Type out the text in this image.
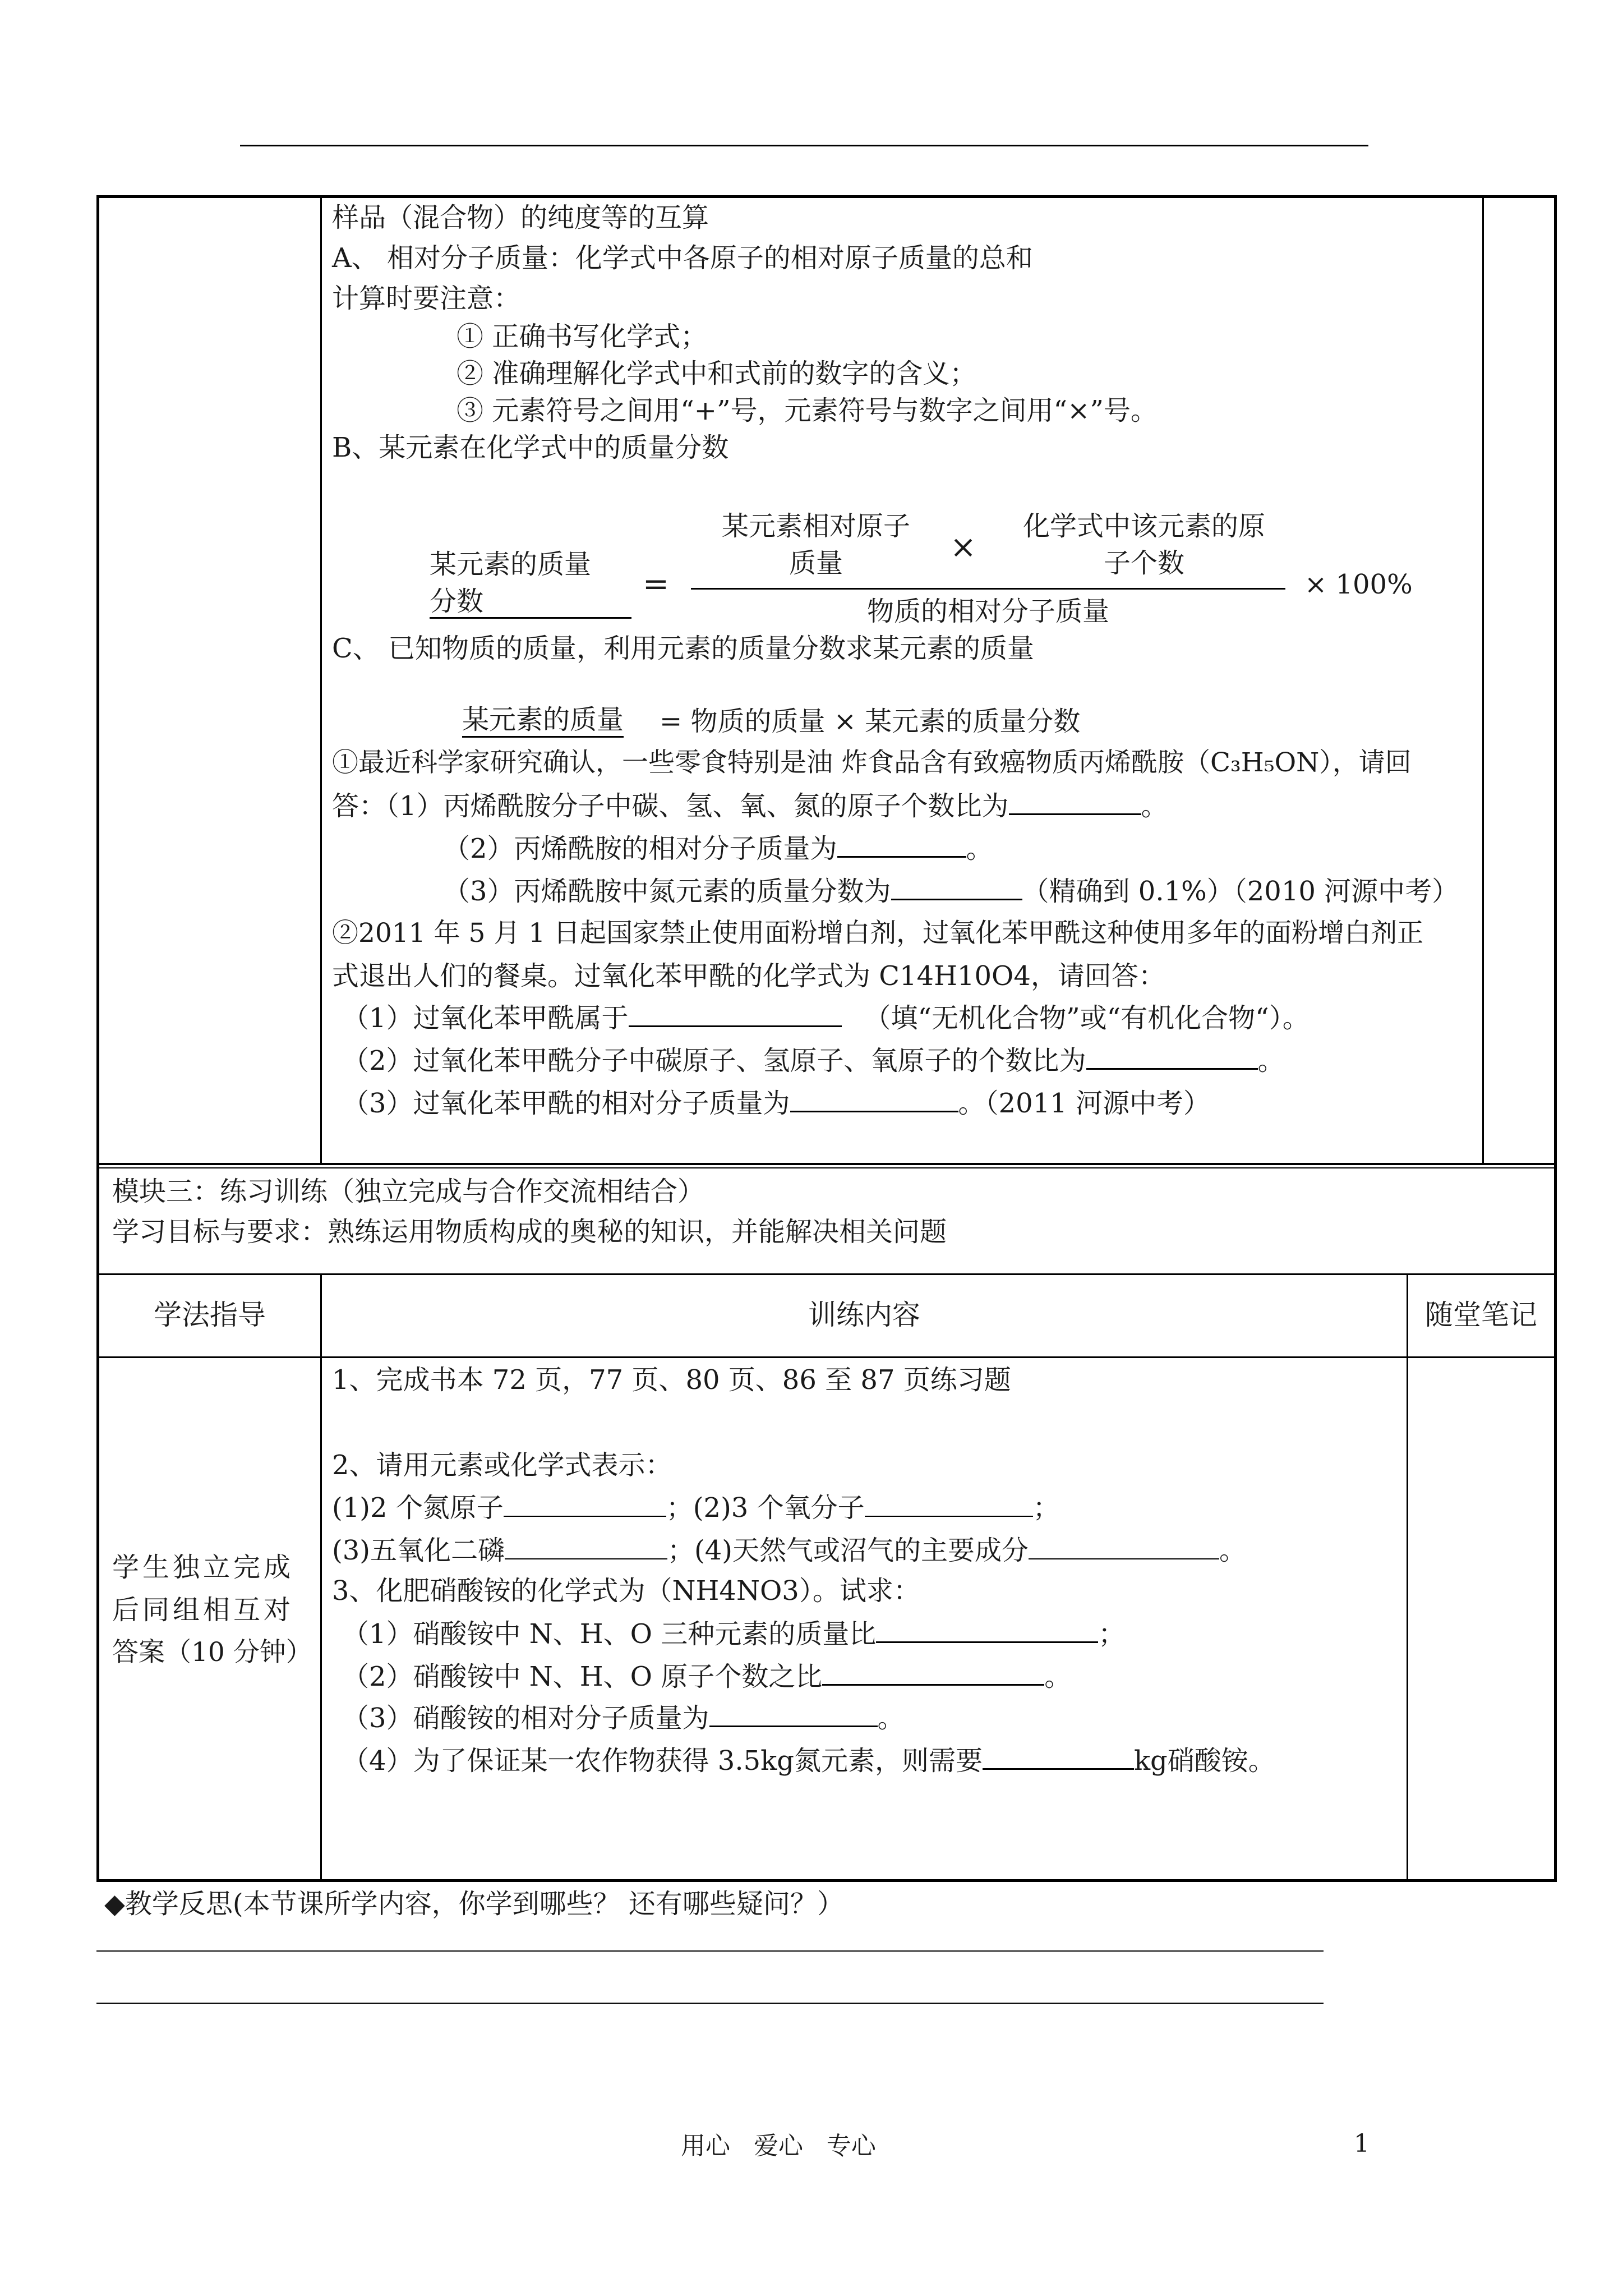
样品（混合物）的纯度等的互算
A、 相对分子质量：化学式中各原子的相对原子质量的总和
计算时要注意：
① 正确书写化学式；
② 准确理解化学式中和式前的数字的含义；
③ 元素符号之间用“+”号，元素符号与数字之间用“×”号。
B、某元素在化学式中的质量分数
某元素的质量
分数	=
某元素相对原子
质量	×
化学式中该元素的原
子个数
物质的相对分子质量
× 100%
C、 已知物质的质量，利用元素的质量分数求某元素的质量
某元素的质量 = 物质的质量 × 某元素的质量分数
①最近科学家研究确认，一些零食特别是油 炸食品含有致癌物质丙烯酰胺（C₃H₅ON），请回
答：（1）丙烯酰胺分子中碳、氢、氧、氮的原子个数比为	。
（2）丙烯酰胺的相对分子质量为	。
（3）丙烯酰胺中氮元素的质量分数为	（精确到 0.1%）（2010 河源中考）
②2011 年 5 月 1 日起国家禁止使用面粉增白剂，过氧化苯甲酰这种使用多年的面粉增白剂正
式退出人们的餐桌。过氧化苯甲酰的化学式为 C14H10O4，请回答：
（1）过氧化苯甲酰属于	（填“无机化合物”或“有机化合物“）。
（2）过氧化苯甲酰分子中碳原子、氢原子、氧原子的个数比为	。
（3）过氧化苯甲酰的相对分子质量为	。（2011 河源中考）
模块三：练习训练（独立完成与合作交流相结合）
学习目标与要求：熟练运用物质构成的奥秘的知识，并能解决相关问题
学法指导	训练内容	随堂笔记
学生独立完成
后同组相互对
答案（10 分钟）
1、完成书本 72 页，77 页、80 页、86 至 87 页练习题
2、请用元素或化学式表示：
(1)2 个氮原子	；(2)3 个氧分子	；
(3)五氧化二磷	；(4)天然气或沼气的主要成分	。
3、化肥硝酸铵的化学式为（NH4NO3）。试求：
（1）硝酸铵中 N、H、O 三种元素的质量比	；
（2）硝酸铵中 N、H、O 原子个数之比	。
（3）硝酸铵的相对分子质量为	。
（4）为了保证某一农作物获得 3.5kg氮元素，则需要	kg硝酸铵。
◆教学反思(本节课所学内容，你学到哪些？ 还有哪些疑问？）
用心   爱心   专心	1
